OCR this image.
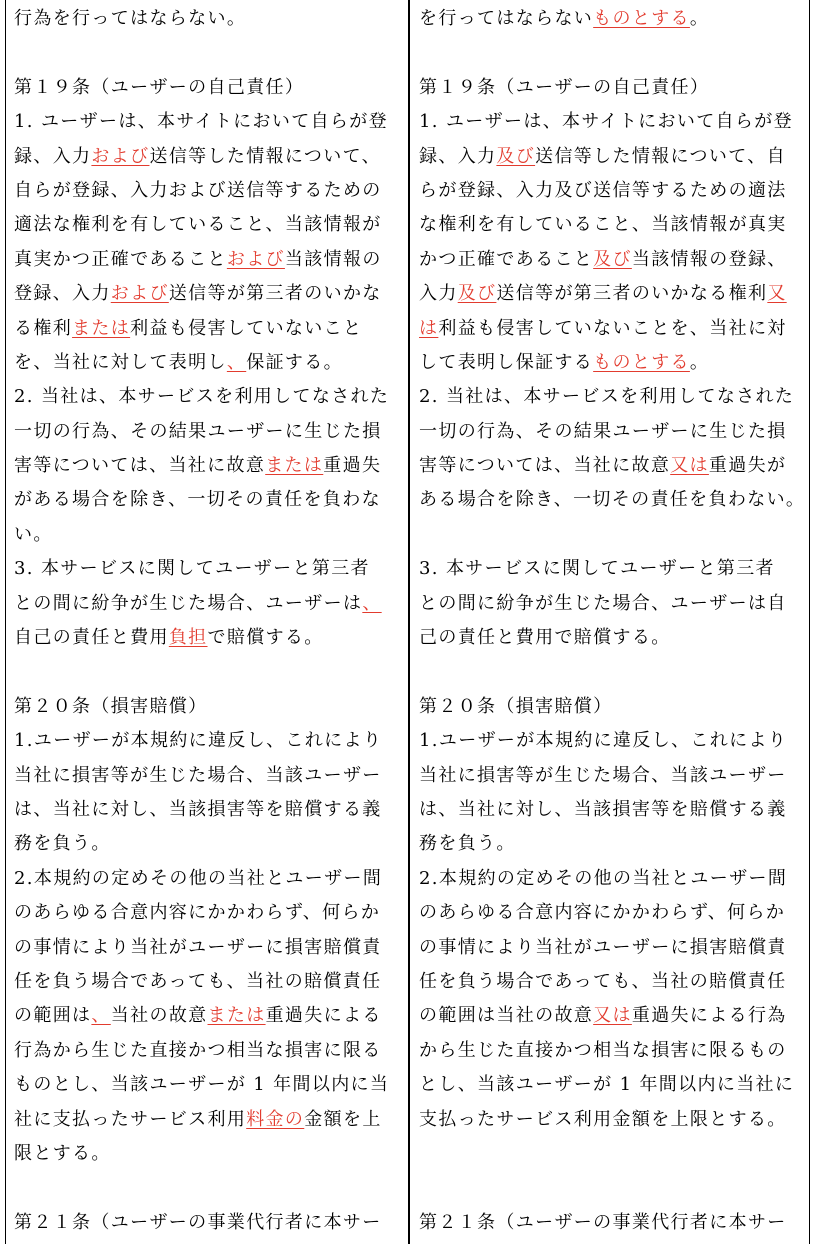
行為を行ってはならない。
第１９条（ユーザーの自己責任）
1. ユーザーは、本サイトにおいて自らが登
録、入力および送信等した情報について、
自らが登録、入力および送信等するための
適法な権利を有していること、当該情報が
真実かつ正確であることおよび当該情報の
登録、入力および送信等が第三者のいかな
る権利または利益も侵害していないこと
を、当社に対して表明し、保証する。
2. 当社は、本サービスを利用してなされた
一切の行為、その結果ユーザーに生じた損
害等については、当社に故意または重過失
がある場合を除き、一切その責任を負わな
い。
3. 本サービスに関してユーザーと第三者
との間に紛争が生じた場合、ユーザーは、
自己の責任と費用負担で賠償する。
第２０条（損害賠償）
1.ユーザーが本規約に違反し、これにより
当社に損害等が生じた場合、当該ユーザー
は、当社に対し、当該損害等を賠償する義
務を負う。
2.本規約の定めその他の当社とユーザー間
のあらゆる合意内容にかかわらず、何らか
の事情により当社がユーザーに損害賠償責
任を負う場合であっても、当社の賠償責任
の範囲は、当社の故意または重過失による
行為から生じた直接かつ相当な損害に限る
ものとし、当該ユーザーが 1 年間以内に当
社に支払ったサービス利用料金の金額を上
限とする。
第２１条（ユーザーの事業代行者に本サー
を行ってはならないものとする。
第１９条（ユーザーの自己責任）
1. ユーザーは、本サイトにおいて自らが登
録、入力及び送信等した情報について、自
らが登録、入力及び送信等するための適法
な権利を有していること、当該情報が真実
かつ正確であること及び当該情報の登録、
入力及び送信等が第三者のいかなる権利又
は利益も侵害していないことを、当社に対
して表明し保証するものとする。
2. 当社は、本サービスを利用してなされた
一切の行為、その結果ユーザーに生じた損
害等については、当社に故意又は重過失が
ある場合を除き、一切その責任を負わない。
3. 本サービスに関してユーザーと第三者
との間に紛争が生じた場合、ユーザーは自
己の責任と費用で賠償する。
第２０条（損害賠償）
1.ユーザーが本規約に違反し、これにより
当社に損害等が生じた場合、当該ユーザー
は、当社に対し、当該損害等を賠償する義
務を負う。
2.本規約の定めその他の当社とユーザー間
のあらゆる合意内容にかかわらず、何らか
の事情により当社がユーザーに損害賠償責
任を負う場合であっても、当社の賠償責任
の範囲は当社の故意又は重過失による行為
から生じた直接かつ相当な損害に限るもの
とし、当該ユーザーが 1 年間以内に当社に
支払ったサービス利用金額を上限とする。
第２１条（ユーザーの事業代行者に本サー
